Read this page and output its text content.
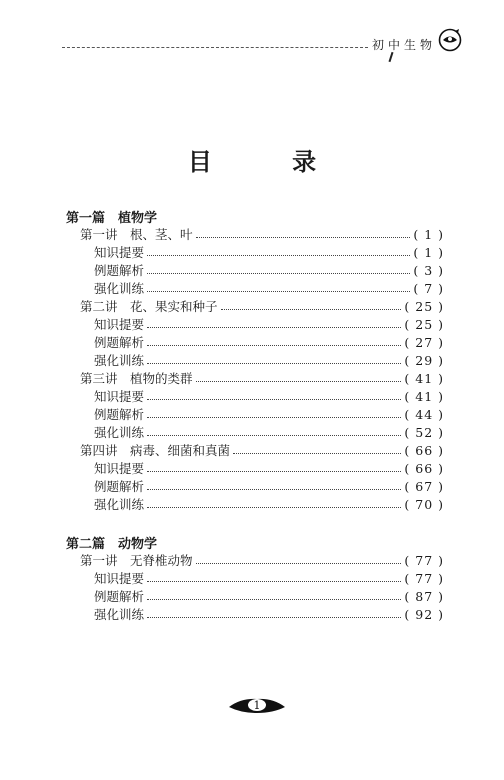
初中生物
目 录
第一篇　植物学
第一讲　根、茎、叶	( 1 )
知识提要	( 1 )
例题解析	( 3 )
强化训练	( 7 )
第二讲　花、果实和种子	( 25 )
知识提要	( 25 )
例题解析	( 27 )
强化训练	( 29 )
第三讲　植物的类群	( 41 )
知识提要	( 41 )
例题解析	( 44 )
强化训练	( 52 )
第四讲　病毒、细菌和真菌	( 66 )
知识提要	( 66 )
例题解析	( 67 )
强化训练	( 70 )
第二篇　动物学
第一讲　无脊椎动物	( 77 )
知识提要	( 77 )
例题解析	( 87 )
强化训练	( 92 )
1
